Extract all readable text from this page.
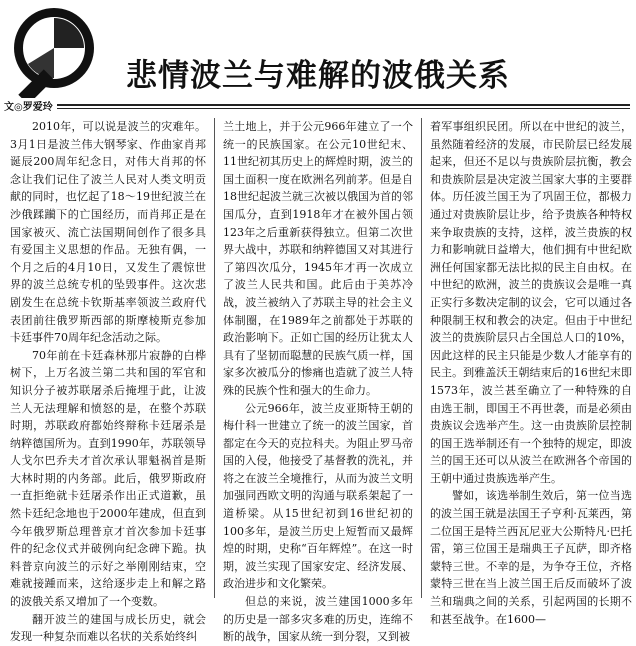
悲情波兰与难解的波俄关系
文◎罗爱玲

2010年，可以说是波兰的灾难年。3月1日是波兰伟大钢琴家、作曲家肖邦诞辰200周年纪念日，对伟大肖邦的怀念让我们记住了波兰人民对人类文明贡献的同时，也忆起了18～19世纪波兰在沙俄蹂躏下的亡国经历，而肖邦正是在国家被灭、流亡法国期间创作了很多具有爱国主义思想的作品。无独有偶，一个月之后的4月10日，又发生了震惊世界的波兰总统专机的坠毁事件。这次悲剧发生在总统卡钦斯基率领波兰政府代表团前往俄罗斯西部的斯摩棱斯克参加卡廷事件70周年纪念活动之际。

70年前在卡廷森林那片寂静的白桦树下，上万名波兰第二共和国的军官和知识分子被苏联屠杀后掩埋于此，让波兰人无法理解和愤怒的是，在整个苏联时期，苏联政府都始终辩称卡廷屠杀是纳粹德国所为。直到1990年，苏联领导人戈尔巴乔夫才首次承认罪魁祸首是斯大林时期的内务部。此后，俄罗斯政府一直拒绝就卡廷屠杀作出正式道歉，虽然卡廷纪念地也于2000年建成，但直到今年俄罗斯总理普京才首次参加卡廷事件的纪念仪式并破例向纪念碑下跪。执料普京向波兰的示好之举刚刚结束，空难就接踵而来，这给逐步走上和解之路的波俄关系又增加了一个变数。

翻开波兰的建国与成长历史，就会发现一种复杂而难以名状的关系始终纠

兰土地上，并于公元966年建立了一个统一的民族国家。在公元10世纪末、11世纪初其历史上的辉煌时期，波兰的国土面积一度在欧洲名列前茅。但是自18世纪起波兰就三次被以俄国为首的邻国瓜分，直到1918年才在被外国占领123年之后重新获得独立。但第二次世界大战中，苏联和纳粹德国又对其进行了第四次瓜分，1945年才再一次成立了波兰人民共和国。此后由于美苏冷战，波兰被纳入了苏联主导的社会主义体制圈，在1989年之前都处于苏联的政治影响下。正如亡国的经历让犹太人具有了坚韧而聪慧的民族气质一样，国家多次被瓜分的惨痛也造就了波兰人特殊的民族个性和强大的生命力。

公元966年，波兰皮亚斯特王朝的梅什科一世建立了统一的波兰国家，首都定在今天的克拉科夫。为阻止罗马帝国的入侵，他接受了基督教的洗礼，并将之在波兰全境推行，从而为波兰文明加强同西欧文明的沟通与联系架起了一道桥梁。从15世纪初到16世纪初的100多年，是波兰历史上短暂而又最辉煌的时期，史称“百年辉煌”。在这一时期，波兰实现了国家安定、经济发展、政治进步和文化繁荣。

但总的来说，波兰建国1000多年的历史是一部多灾多难的历史，连绵不断的战争，国家从统一到分裂，又到被

着军事组织民团。所以在中世纪的波兰，虽然随着经济的发展，市民阶层已经发展起来，但还不足以与贵族阶层抗衡，教会和贵族阶层是决定波兰国家大事的主要群体。历任波兰国王为了巩固王位，都极力通过对贵族阶层让步，给予贵族各种特权来争取贵族的支持，这样，波兰贵族的权力和影响就日益增大，他们拥有中世纪欧洲任何国家都无法比拟的民主自由权。在中世纪的欧洲，波兰的贵族议会是唯一真正实行多数决定制的议会，它可以通过各种限制王权和教会的决定。但由于中世纪波兰的贵族阶层只占全国总人口的10%，因此这样的民主只能是少数人才能享有的民主。到雅盖沃王朝结束后的16世纪末即1573年，波兰甚至确立了一种特殊的自由选王制，即国王不再世袭，而是必须由贵族议会选举产生。这一由贵族阶层控制的国王选举制还有一个独特的规定，即波兰的国王还可以从波兰在欧洲各个帝国的王朝中通过贵族选举产生。

譬如，该选举制生效后，第一位当选的波兰国王就是法国王子亨利·瓦莱西，第二位国王是特兰西瓦尼亚大公斯特凡·巴托雷，第三位国王是瑞典王子瓦萨，即齐格蒙特三世。不幸的是，为争夺王位，齐格蒙特三世在当上波兰国王后反而破坏了波兰和瑞典之间的关系，引起两国的长期不和甚至战争。在1600—
